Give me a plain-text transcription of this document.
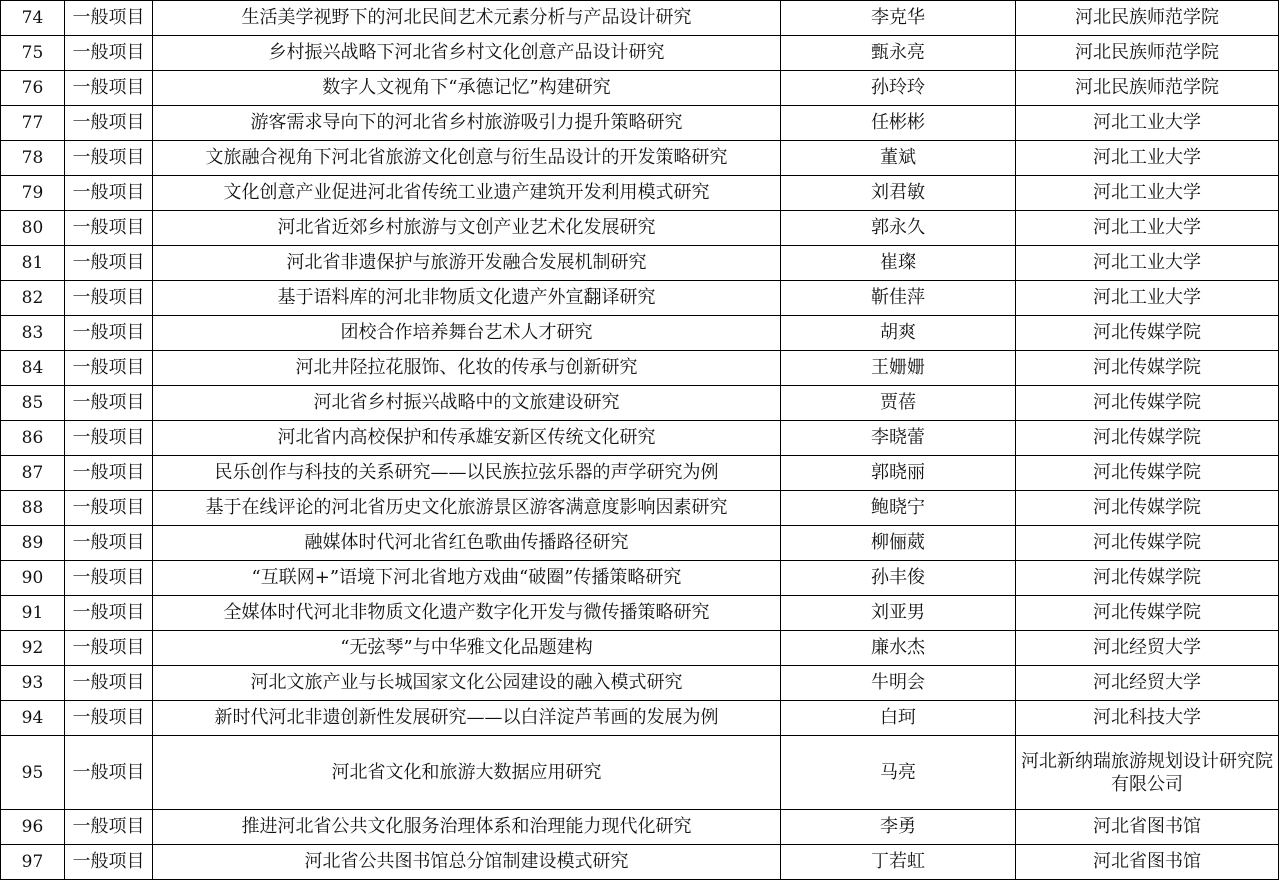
74	一般项目	生活美学视野下的河北民间艺术元素分析与产品设计研究	李克华	河北民族师范学院
75	一般项目	乡村振兴战略下河北省乡村文化创意产品设计研究	甄永亮	河北民族师范学院
76	一般项目	数字人文视角下“承德记忆”构建研究	孙玲玲	河北民族师范学院
77	一般项目	游客需求导向下的河北省乡村旅游吸引力提升策略研究	任彬彬	河北工业大学
78	一般项目	文旅融合视角下河北省旅游文化创意与衍生品设计的开发策略研究	董斌	河北工业大学
79	一般项目	文化创意产业促进河北省传统工业遗产建筑开发利用模式研究	刘君敏	河北工业大学
80	一般项目	河北省近郊乡村旅游与文创产业艺术化发展研究	郭永久	河北工业大学
81	一般项目	河北省非遗保护与旅游开发融合发展机制研究	崔璨	河北工业大学
82	一般项目	基于语料库的河北非物质文化遗产外宣翻译研究	靳佳萍	河北工业大学
83	一般项目	团校合作培养舞台艺术人才研究	胡爽	河北传媒学院
84	一般项目	河北井陉拉花服饰、化妆的传承与创新研究	王姗姗	河北传媒学院
85	一般项目	河北省乡村振兴战略中的文旅建设研究	贾蓓	河北传媒学院
86	一般项目	河北省内高校保护和传承雄安新区传统文化研究	李晓蕾	河北传媒学院
87	一般项目	民乐创作与科技的关系研究——以民族拉弦乐器的声学研究为例	郭晓丽	河北传媒学院
88	一般项目	基于在线评论的河北省历史文化旅游景区游客满意度影响因素研究	鲍晓宁	河北传媒学院
89	一般项目	融媒体时代河北省红色歌曲传播路径研究	柳俪葳	河北传媒学院
90	一般项目	“互联网+”语境下河北省地方戏曲“破圈”传播策略研究	孙丰俊	河北传媒学院
91	一般项目	全媒体时代河北非物质文化遗产数字化开发与微传播策略研究	刘亚男	河北传媒学院
92	一般项目	“无弦琴”与中华雅文化品题建构	廉水杰	河北经贸大学
93	一般项目	河北文旅产业与长城国家文化公园建设的融入模式研究	牛明会	河北经贸大学
94	一般项目	新时代河北非遗创新性发展研究——以白洋淀芦苇画的发展为例	白珂	河北科技大学
95	一般项目	河北省文化和旅游大数据应用研究	马亮	河北新纳瑞旅游规划设计研究院有限公司
96	一般项目	推进河北省公共文化服务治理体系和治理能力现代化研究	李勇	河北省图书馆
97	一般项目	河北省公共图书馆总分馆制建设模式研究	丁若虹	河北省图书馆
